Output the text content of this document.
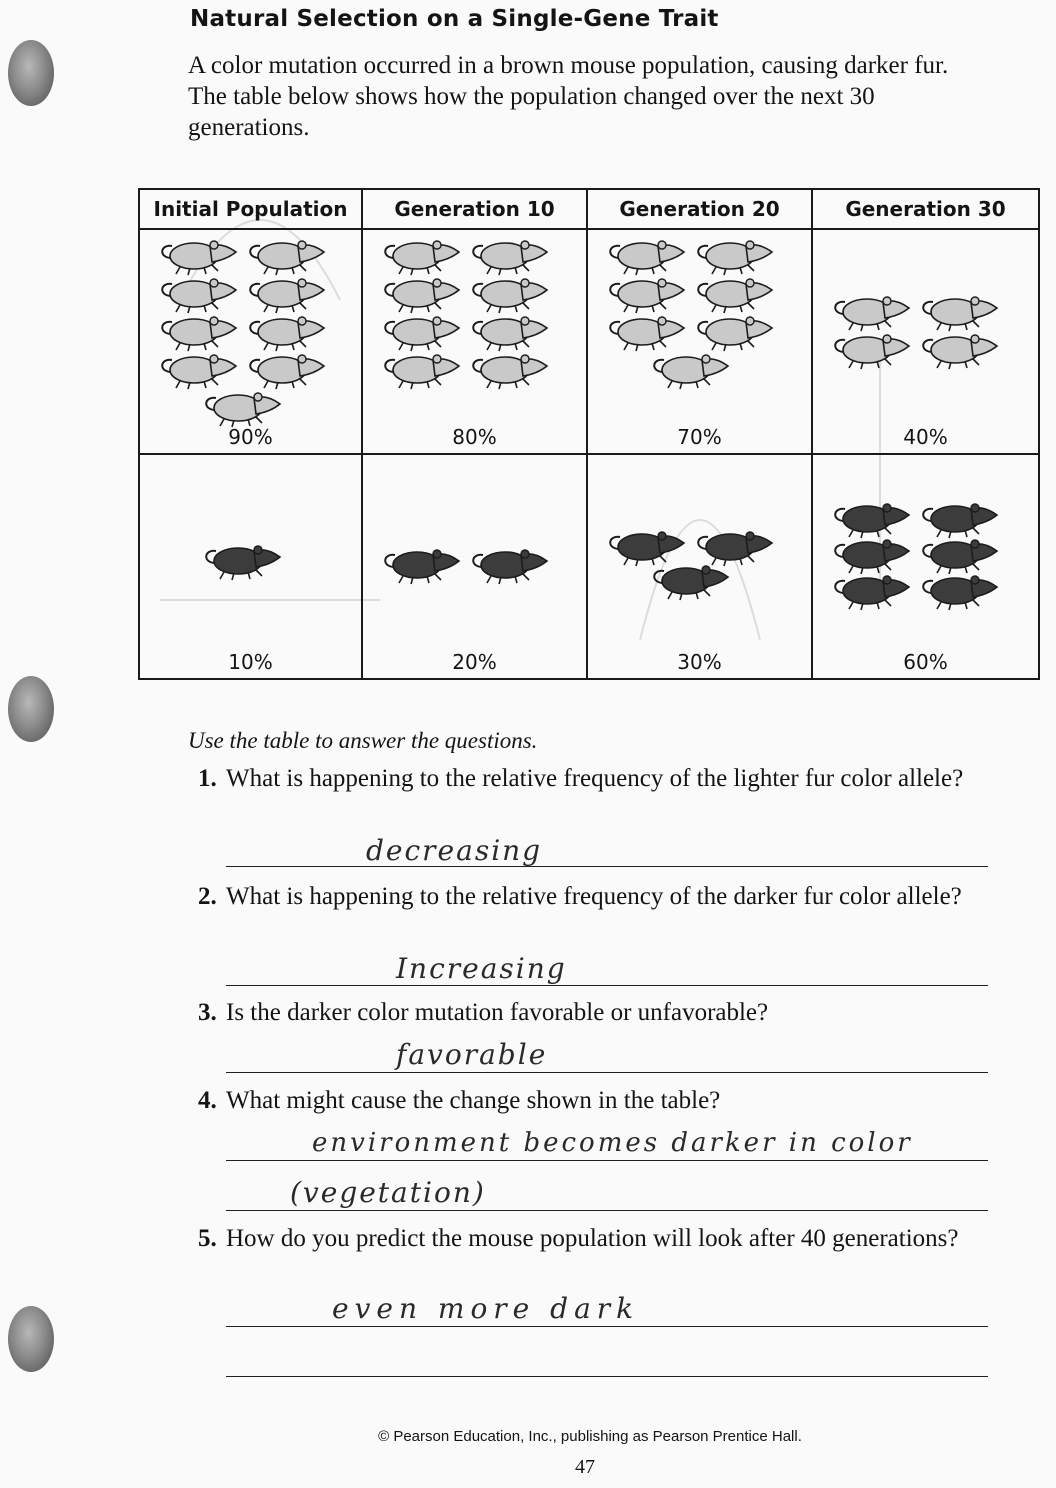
Natural Selection on a Single-Gene Trait
A color mutation occurred in a brown mouse population, causing darker fur. The table below shows how the population changed over the next 30 generations.
Initial Population	Generation 10	Generation 20	Generation 30

90%	80%	70%	40%

10%	20%	30%	60%
Use the table to answer the questions.
1. What is happening to the relative frequency of the lighter fur color allele?
decreasing
2. What is happening to the relative frequency of the darker fur color allele?
Increasing
3. Is the darker color mutation favorable or unfavorable?
favorable
4. What might cause the change shown in the table?
environment becomes darker in color
(vegetation)
5. How do you predict the mouse population will look after 40 generations?
even more dark
© Pearson Education, Inc., publishing as Pearson Prentice Hall.
47
